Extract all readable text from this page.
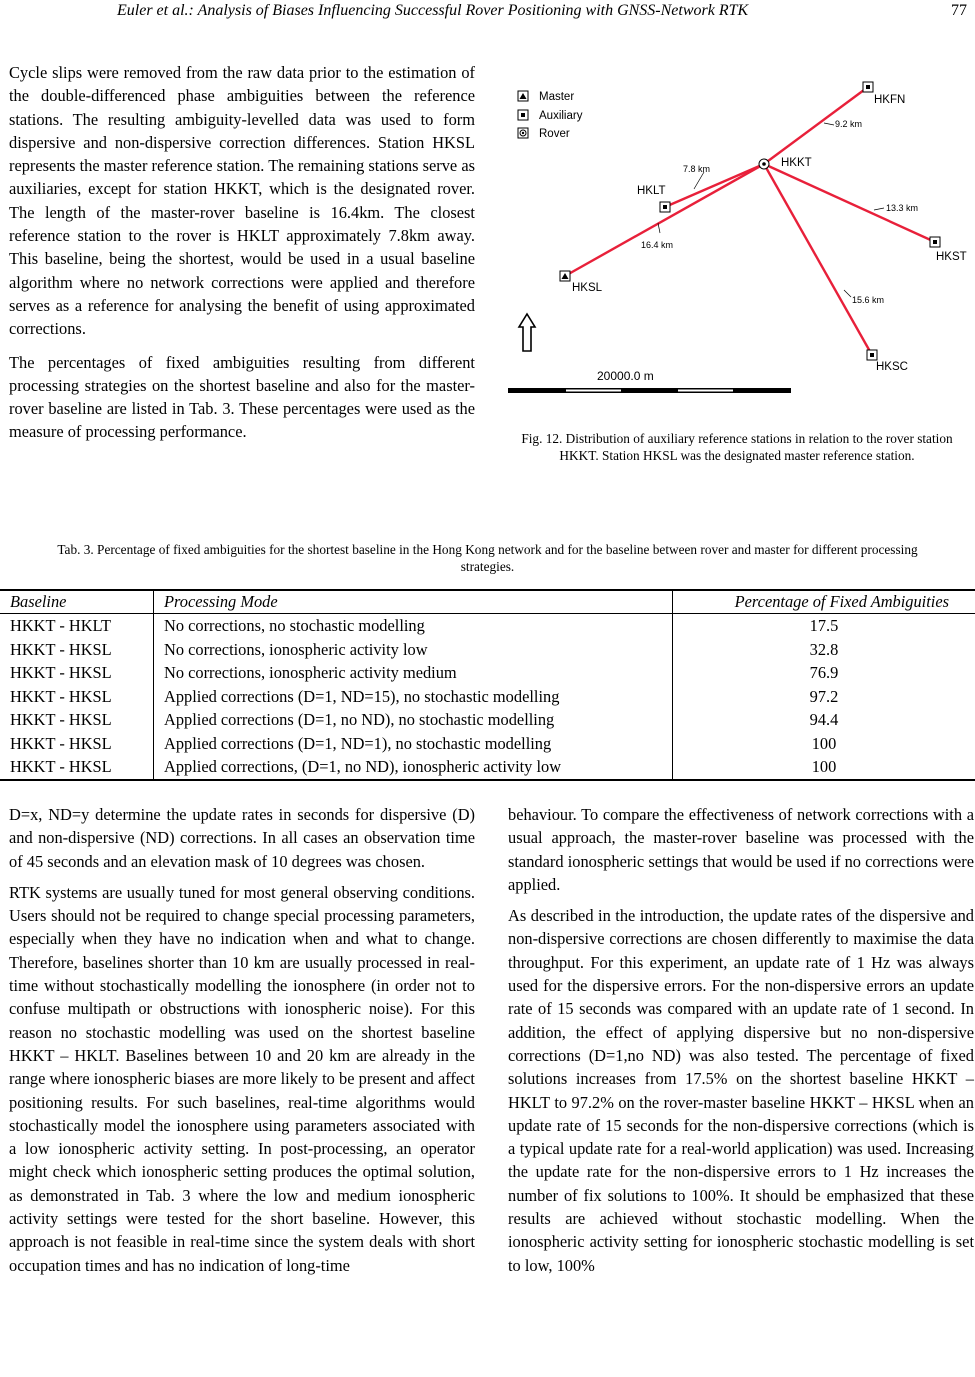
Euler et al.: Analysis of Biases Influencing Successful Rover Positioning with GNSS-Network RTK	77

Cycle slips were removed from the raw data prior to the estimation of the double-differenced phase ambiguities between the reference stations. The resulting ambiguity-levelled data was used to form dispersive and non-dispersive correction differences. Station HKSL represents the master reference station. The remaining stations serve as auxiliaries, except for station HKKT, which is the designated rover. The length of the master-rover baseline is 16.4km. The closest reference station to the rover is HKLT approximately 7.8km away. This baseline, being the shortest, would be used in a usual baseline algorithm where no network corrections were applied and therefore serves as a reference for analysing the benefit of using approximated corrections.

The percentages of fixed ambiguities resulting from different processing strategies on the shortest baseline and also for the master-rover baseline are listed in Tab. 3. These percentages were used as the measure of processing performance.

Master
Auxiliary
Rover
HKFN
HKKT
HKLT
HKST
HKSL
HKSC
9.2 km
7.8 km
16.4 km
13.3 km
15.6 km
20000.0 m
Fig. 12. Distribution of auxiliary reference stations in relation to the rover station HKKT. Station HKSL was the designated master reference station.
Tab. 3. Percentage of fixed ambiguities for the shortest baseline in the Hong Kong network and for the baseline between rover and master for different processing strategies.
Baseline	Processing Mode	Percentage of Fixed Ambiguities
HKKT - HKLT	No corrections, no stochastic modelling	17.5
HKKT - HKSL	No corrections, ionospheric activity low	32.8
HKKT - HKSL	No corrections, ionospheric activity medium	76.9
HKKT - HKSL	Applied corrections (D=1, ND=15), no stochastic modelling	97.2
HKKT - HKSL	Applied corrections (D=1, no ND), no stochastic modelling	94.4
HKKT - HKSL	Applied corrections (D=1, ND=1), no stochastic modelling	100
HKKT - HKSL	Applied corrections, (D=1, no ND), ionospheric activity low	100

D=x, ND=y determine the update rates in seconds for dispersive (D) and non-dispersive (ND) corrections. In all cases an observation time of 45 seconds and an elevation mask of 10 degrees was chosen.

RTK systems are usually tuned for most general observing conditions. Users should not be required to change special processing parameters, especially when they have no indication when and what to change. Therefore, baselines shorter than 10 km are usually processed in real-time without stochastically modelling the ionosphere (in order not to confuse multipath or obstructions with ionospheric noise). For this reason no stochastic modelling was used on the shortest baseline HKKT – HKLT. Baselines between 10 and 20 km are already in the range where ionospheric biases are more likely to be present and affect positioning results. For such baselines, real-time algorithms would stochastically model the ionosphere using parameters associated with a low ionospheric activity setting. In post-processing, an operator might check which ionospheric setting produces the optimal solution, as demonstrated in Tab. 3 where the low and medium ionospheric activity settings were tested for the short baseline. However, this approach is not feasible in real-time since the system deals with short occupation times and has no indication of long-time

behaviour. To compare the effectiveness of network corrections with a usual approach, the master-rover baseline was processed with the standard ionospheric settings that would be used if no corrections were applied.

As described in the introduction, the update rates of the dispersive and non-dispersive corrections are chosen differently to maximise the data throughput. For this experiment, an update rate of 1 Hz was always used for the dispersive errors. For the non-dispersive errors an update rate of 15 seconds was compared with an update rate of 1 second. In addition, the effect of applying dispersive but no non-dispersive corrections (D=1,no ND) was also tested. The percentage of fixed solutions increases from 17.5% on the shortest baseline HKKT – HKLT to 97.2% on the rover-master baseline HKKT – HKSL when an update rate of 15 seconds for the non-dispersive corrections (which is a typical update rate for a real-world application) was used. Increasing the update rate for the non-dispersive errors to 1 Hz increases the number of fix solutions to 100%. It should be emphasized that these results are achieved without stochastic modelling. When the ionospheric activity setting for ionospheric stochastic modelling is set to low, 100%
